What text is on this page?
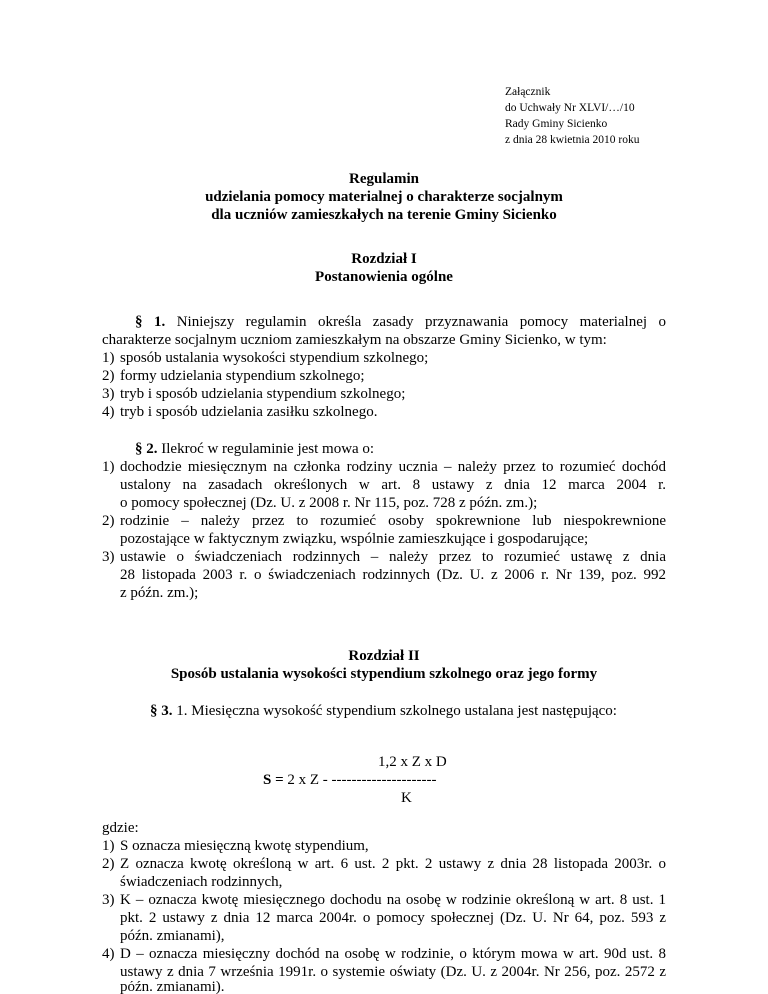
Załącznik
do Uchwały Nr XLVI/…/10
Rady Gminy Sicienko
z dnia 28 kwietnia 2010 roku
Regulamin
udzielania pomocy materialnej o charakterze socjalnym
dla uczniów zamieszkałych na terenie Gminy Sicienko
Rozdział I
Postanowienia ogólne
§ 1. Niniejszy regulamin określa zasady przyznawania pomocy materialnej o
charakterze socjalnym uczniom zamieszkałym na obszarze Gminy Sicienko, w tym:
1) sposób ustalania wysokości stypendium szkolnego;
2) formy udzielania stypendium szkolnego;
3) tryb i sposób udzielania stypendium szkolnego;
4) tryb i sposób udzielania zasiłku szkolnego.
§ 2. Ilekroć w regulaminie jest mowa o:
1) dochodzie miesięcznym na członka rodziny ucznia – należy przez to rozumieć dochód
ustalony na zasadach określonych w art. 8 ustawy z dnia 12 marca 2004 r.
o pomocy społecznej (Dz. U. z 2008 r. Nr 115, poz. 728 z późn. zm.);
2) rodzinie – należy przez to rozumieć osoby spokrewnione lub niespokrewnione
pozostające w faktycznym związku, wspólnie zamieszkujące i gospodarujące;
3) ustawie o świadczeniach rodzinnych – należy przez to rozumieć ustawę z dnia
28 listopada 2003 r. o świadczeniach rodzinnych (Dz. U. z 2006 r. Nr 139, poz. 992
z późn. zm.);
Rozdział II
Sposób ustalania wysokości stypendium szkolnego oraz jego formy
§ 3. 1. Miesięczna wysokość stypendium szkolnego ustalana jest następująco:
1,2 x Z x D
S = 2 x Z - ---------------------
K
gdzie:
1) S oznacza miesięczną kwotę stypendium,
2) Z oznacza kwotę określoną w art. 6 ust. 2 pkt. 2 ustawy z dnia 28 listopada 2003r. o
świadczeniach rodzinnych,
3) K – oznacza kwotę miesięcznego dochodu na osobę w rodzinie określoną w art. 8 ust. 1
pkt. 2 ustawy z dnia 12 marca 2004r. o pomocy społecznej (Dz. U. Nr 64, poz. 593 z
późn. zmianami),
4) D – oznacza miesięczny dochód na osobę w rodzinie, o którym mowa w art. 90d ust. 8
ustawy z dnia 7 września 1991r. o systemie oświaty (Dz. U. z 2004r. Nr 256, poz. 2572 z
późn. zmianami).
